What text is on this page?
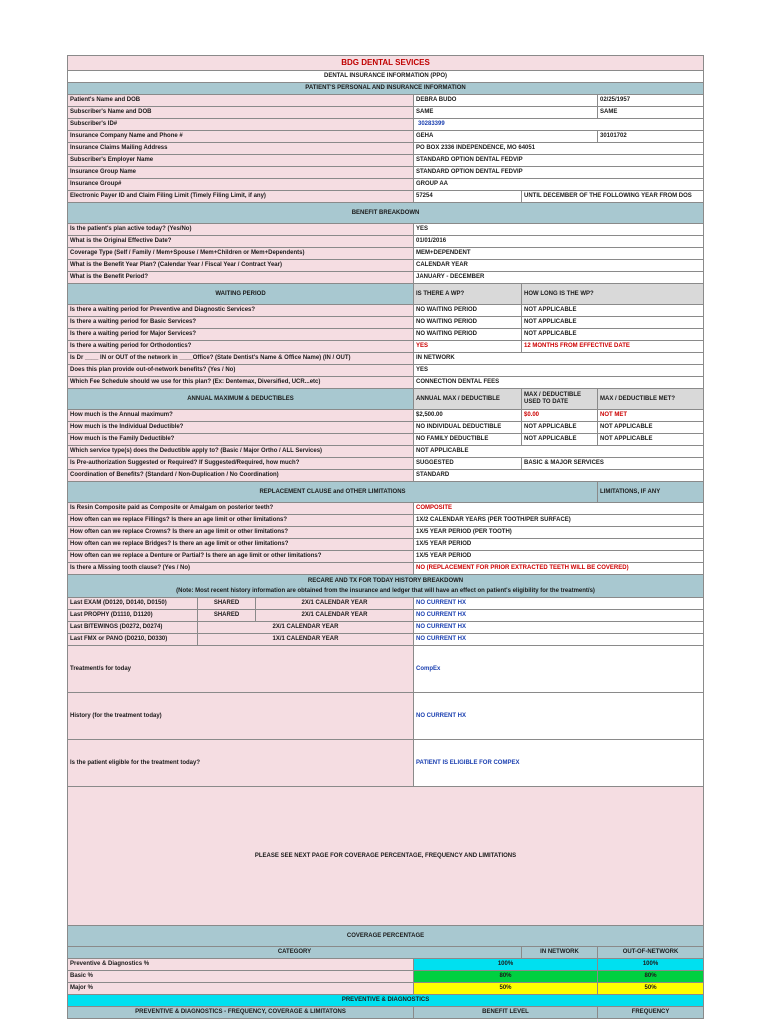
BDG DENTAL SEVICES					
DENTAL INSURANCE INFORMATION (PPO)					
PATIENT'S PERSONAL AND INSURANCE INFORMATION					
Patient's Name and DOB			DEBRA BUDO		02/25/1957
Subscriber's Name and DOB			SAME		SAME
Subscriber's ID#			30283399		
Insurance Company Name and Phone #			GEHA		30101702
Insurance Claims Mailing Address			PO BOX 2336 INDEPENDENCE, MO 64051		
Subscriber's Employer Name			STANDARD OPTION DENTAL FEDVIP		
Insurance Group Name			STANDARD OPTION DENTAL FEDVIP		
Insurance Group#			GROUP AA		
Electronic Payer ID and Claim Filing Limit (Timely Filing Limit, if any)			57254	UNTIL DECEMBER OF THE FOLLOWING YEAR FROM DOS	
BENEFIT BREAKDOWN					
Is the patient's plan active today? (Yes/No)			YES		
What is the Original Effective Date?			01/01/2016		
Coverage Type (Self / Family / Mem+Spouse / Mem+Children or Mem+Dependents)			MEM+DEPENDENT		
What is the Benefit Year Plan? (Calendar Year / Fiscal Year / Contract Year)			CALENDAR YEAR		
What is the Benefit Period?			JANUARY - DECEMBER		
WAITING PERIOD			IS THERE A WP?	HOW LONG IS THE WP?	
Is there a waiting period for Preventive and Diagnostic Services?			NO WAITING PERIOD	NOT APPLICABLE	
Is there a waiting period for Basic Services?			NO WAITING PERIOD	NOT APPLICABLE	
Is there a waiting period for Major Services?			NO WAITING PERIOD	NOT APPLICABLE	
Is there a waiting period for Orthodontics?			YES	12 MONTHS FROM EFFECTIVE DATE	
Is Dr ____ IN or OUT of the network in ____Office? (State Dentist's Name & Office Name) (IN / OUT)			IN NETWORK		
Does this plan provide out-of-network benefits? (Yes / No)			YES		
Which Fee Schedule should we use for this plan? (Ex: Dentemax, Diversified, UCR...etc)			CONNECTION DENTAL FEES		
ANNUAL MAXIMUM & DEDUCTIBLES			ANNUAL MAX / DEDUCTIBLE	MAX / DEDUCTIBLE USED TO DATE	MAX / DEDUCTIBLE MET?
How much is the Annual maximum?			$2,500.00	$0.00	NOT MET
How much is the Individual Deductible?			NO INDIVIDUAL DEDUCTIBLE	NOT APPLICABLE	NOT APPLICABLE
How much is the Family Deductible?			NO FAMILY DEDUCTIBLE	NOT APPLICABLE	NOT APPLICABLE
Which service type(s) does the Deductible apply to? (Basic / Major Ortho / ALL Services)			NOT APPLICABLE		
Is Pre-authorization Suggested or Required? If Suggested/Required, how much?			SUGGESTED	BASIC & MAJOR SERVICES	
Coordination of Benefits? (Standard / Non-Duplication / No Coordination)			STANDARD		
REPLACEMENT CLAUSE and OTHER LIMITATIONS					LIMITATIONS, IF ANY
Is Resin Composite paid as Composite or Amalgam on posterior teeth?			COMPOSITE		
How often can we replace Fillings? Is there an age limit or other limitations?			1X/2 CALENDAR YEARS (PER TOOTH/PER SURFACE)		
How often can we replace Crowns? Is there an age limit or other limitations?			1X/5 YEAR PERIOD (PER TOOTH)		
How often can we replace Bridges? Is there an age limit or other limitations?			1X/5 YEAR PERIOD		
How often can we replace a Denture or Partial? Is there an age limit or other limitations?			1X/5 YEAR PERIOD		
Is there a Missing tooth clause? (Yes / No)			NO (REPLACEMENT FOR PRIOR EXTRACTED TEETH WILL BE COVERED)		

RECARE AND TX FOR TODAY HISTORY BREAKDOWN
(Note: Most recent history information are obtained from the insurance and ledger that will have an effect on patient's eligibility for the treatment/s)					

Last EXAM (D0120, D0140, D0150)	SHARED	2X/1 CALENDAR YEAR	NO CURRENT HX		
Last PROPHY (D1110, D1120)	SHARED	2X/1 CALENDAR YEAR	NO CURRENT HX		
Last BITEWINGS (D0272, D0274)	2X/1 CALENDAR YEAR		NO CURRENT HX		
Last FMX or PANO (D0210, D0330)	1X/1 CALENDAR YEAR		NO CURRENT HX		
Treatment/s for today			CompEx		
History (for the treatment today)			NO CURRENT HX		
Is the patient eligible for the treatment today?			PATIENT IS ELIGIBLE FOR COMPEX		
PLEASE SEE NEXT PAGE FOR COVERAGE PERCENTAGE, FREQUENCY AND LIMITATIONS					
COVERAGE PERCENTAGE					
CATEGORY				IN NETWORK	OUT-OF-NETWORK
Preventive & Diagnostics %			100%		100%
Basic %			80%		80%
Major %			50%		50%
PREVENTIVE & DIAGNOSTICS					
PREVENTIVE & DIAGNOSTICS - FREQUENCY, COVERAGE & LIMITATONS			BENEFIT LEVEL		FREQUENCY
